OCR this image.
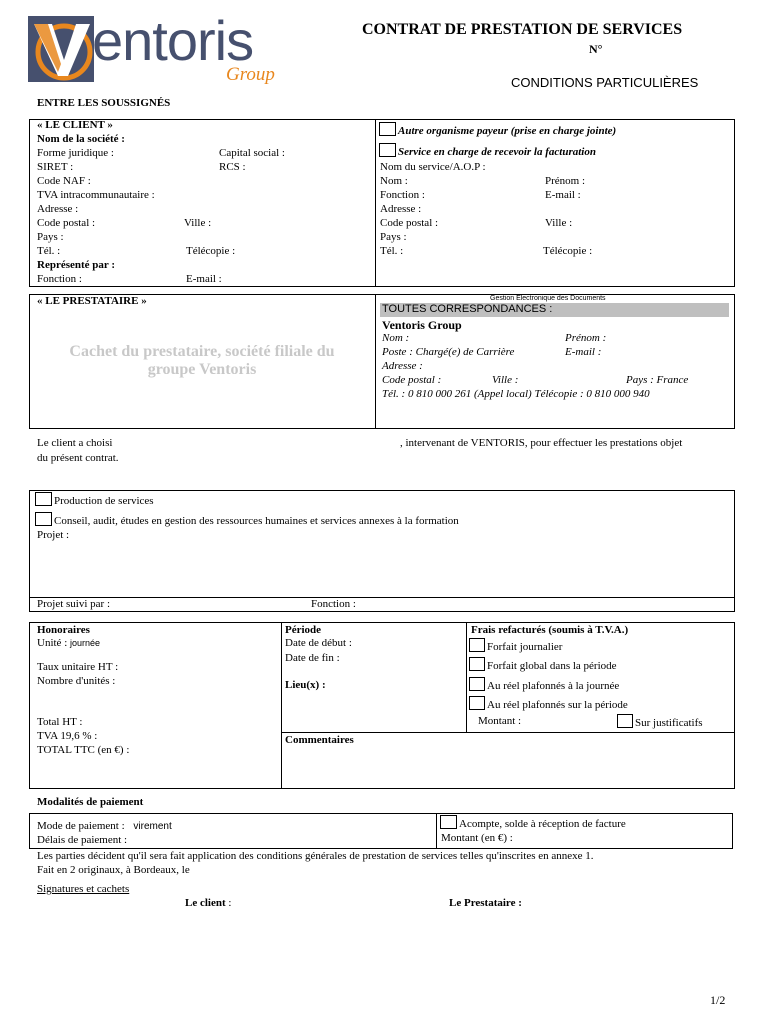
entoris
Group
CONTRAT DE PRESTATION DE SERVICES
N°
CONDITIONS PARTICULIÈRES
ENTRE LES SOUSSIGNÉS
« LE CLIENT »
Nom de la société :
Forme juridique :	Capital social :
SIRET :	RCS :
Code NAF :
TVA intracommunautaire :
Adresse :
Code postal :	Ville :
Pays :
Tél. :	Télécopie :
Représenté par :
Fonction :	E-mail :
Autre organisme payeur (prise en charge jointe)
Service en charge de recevoir la facturation
Nom du service/A.O.P :
Nom :	Prénom :
Fonction :	E-mail :
Adresse :
Code postal :	Ville :
Pays :
Tél. :	Télécopie :
« LE PRESTATAIRE »
Cachet du prestataire, société filiale du groupe Ventoris
Gestion Electronique des Documents
TOUTES CORRESPONDANCES :
Ventoris Group
Nom :	Prénom :
Poste : Chargé(e) de Carrière	E-mail :
Adresse :
Code postal :	Ville :	Pays : France
Tél. : 0 810 000 261 (Appel local) Télécopie : 0 810 000 940
Le client a choisi	, intervenant de VENTORIS, pour effectuer les prestations objet
du présent contrat.
Production de services
Conseil, audit, études en gestion des ressources humaines et services annexes à la formation
Projet :
Projet suivi par :	Fonction :
Honoraires
Unité : journée
Taux unitaire HT :
Nombre d'unités :
Total HT :
TVA 19,6 % :
TOTAL TTC (en €) :
Période
Date de début :
Date de fin :
Lieu(x) :
Commentaires
Frais refacturés (soumis à T.V.A.)
Forfait journalier
Forfait global dans la période
Au réel plafonnés à la journée
Au réel plafonnés sur la période
Montant :	Sur justificatifs
Modalités de paiement
Mode de paiement : virement
Délais de paiement :
Acompte, solde à réception de facture
Montant (en €) :
Les parties décident qu'il sera fait application des conditions générales de prestation de services telles qu'inscrites en annexe 1.
Fait en 2 originaux, à Bordeaux, le
Signatures et cachets
Le client :	Le Prestataire :
1/2
